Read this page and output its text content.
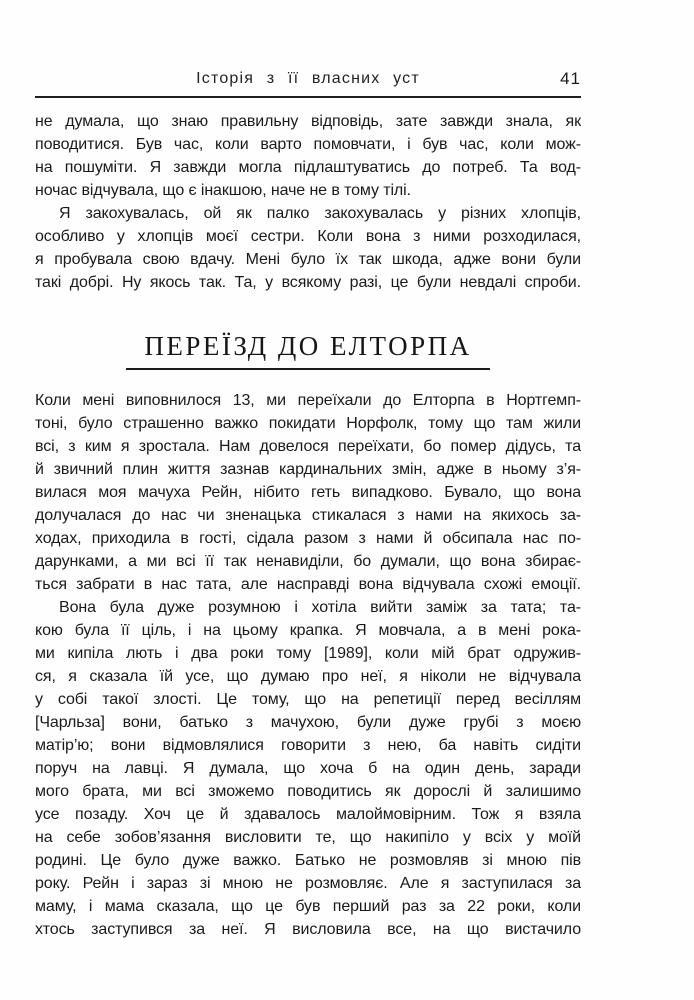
Історія з її власних уст	41
не думала, що знаю правильну відповідь, зате завжди знала, як
поводитися. Був час, коли варто помовчати, і був час, коли мож-
на пошуміти. Я завжди могла підлаштуватись до потреб. Та вод-
ночас відчувала, що є інакшою, наче не в тому тілі.
Я закохувалась, ой як палко закохувалась у різних хлопців,
особливо у хлопців моєї сестри. Коли вона з ними розходилася,
я пробувала свою вдачу. Мені було їх так шкода, адже вони були
такі добрі. Ну якось так. Та, у всякому разі, це були невдалі спроби.
ПЕРЕЇЗД ДО ЕЛТОРПА
Коли мені виповнилося 13, ми переїхали до Елторпа в Нортгемп-
тоні, було страшенно важко покидати Норфолк, тому що там жили
всі, з ким я зростала. Нам довелося переїхати, бо помер дідусь, та
й звичний плин життя зазнав кардинальних змін, адже в ньому з’я-
вилася моя мачуха Рейн, нібито геть випадково. Бувало, що вона
долучалася до нас чи зненацька стикалася з нами на якихось за-
ходах, приходила в гості, сідала разом з нами й обсипала нас по-
дарунками, а ми всі її так ненавиділи, бо думали, що вона збирає-
ться забрати в нас тата, але насправді вона відчувала схожі емоції.
Вона була дуже розумною і хотіла вийти заміж за тата; та-
кою була її ціль, і на цьому крапка. Я мовчала, а в мені рока-
ми кипіла лють і два роки тому [1989], коли мій брат одружив-
ся, я сказала їй усе, що думаю про неї, я ніколи не відчувала
у собі такої злості. Це тому, що на репетиції перед весіллям
[Чарльза] вони, батько з мачухою, були дуже грубі з моєю
матір’ю; вони відмовлялися говорити з нею, ба навіть сидіти
поруч на лавці. Я думала, що хоча б на один день, заради
мого брата, ми всі зможемо поводитись як дорослі й залишимо
усе позаду. Хоч це й здавалось малоймовірним. Тож я взяла
на себе зобов’язання висловити те, що накипіло у всіх у моїй
родині. Це було дуже важко. Батько не розмовляв зі мною пів
року. Рейн і зараз зі мною не розмовляє. Але я заступилася за
маму, і мама сказала, що це був перший раз за 22 роки, коли
хтось заступився за неї. Я висловила все, на що вистачило
